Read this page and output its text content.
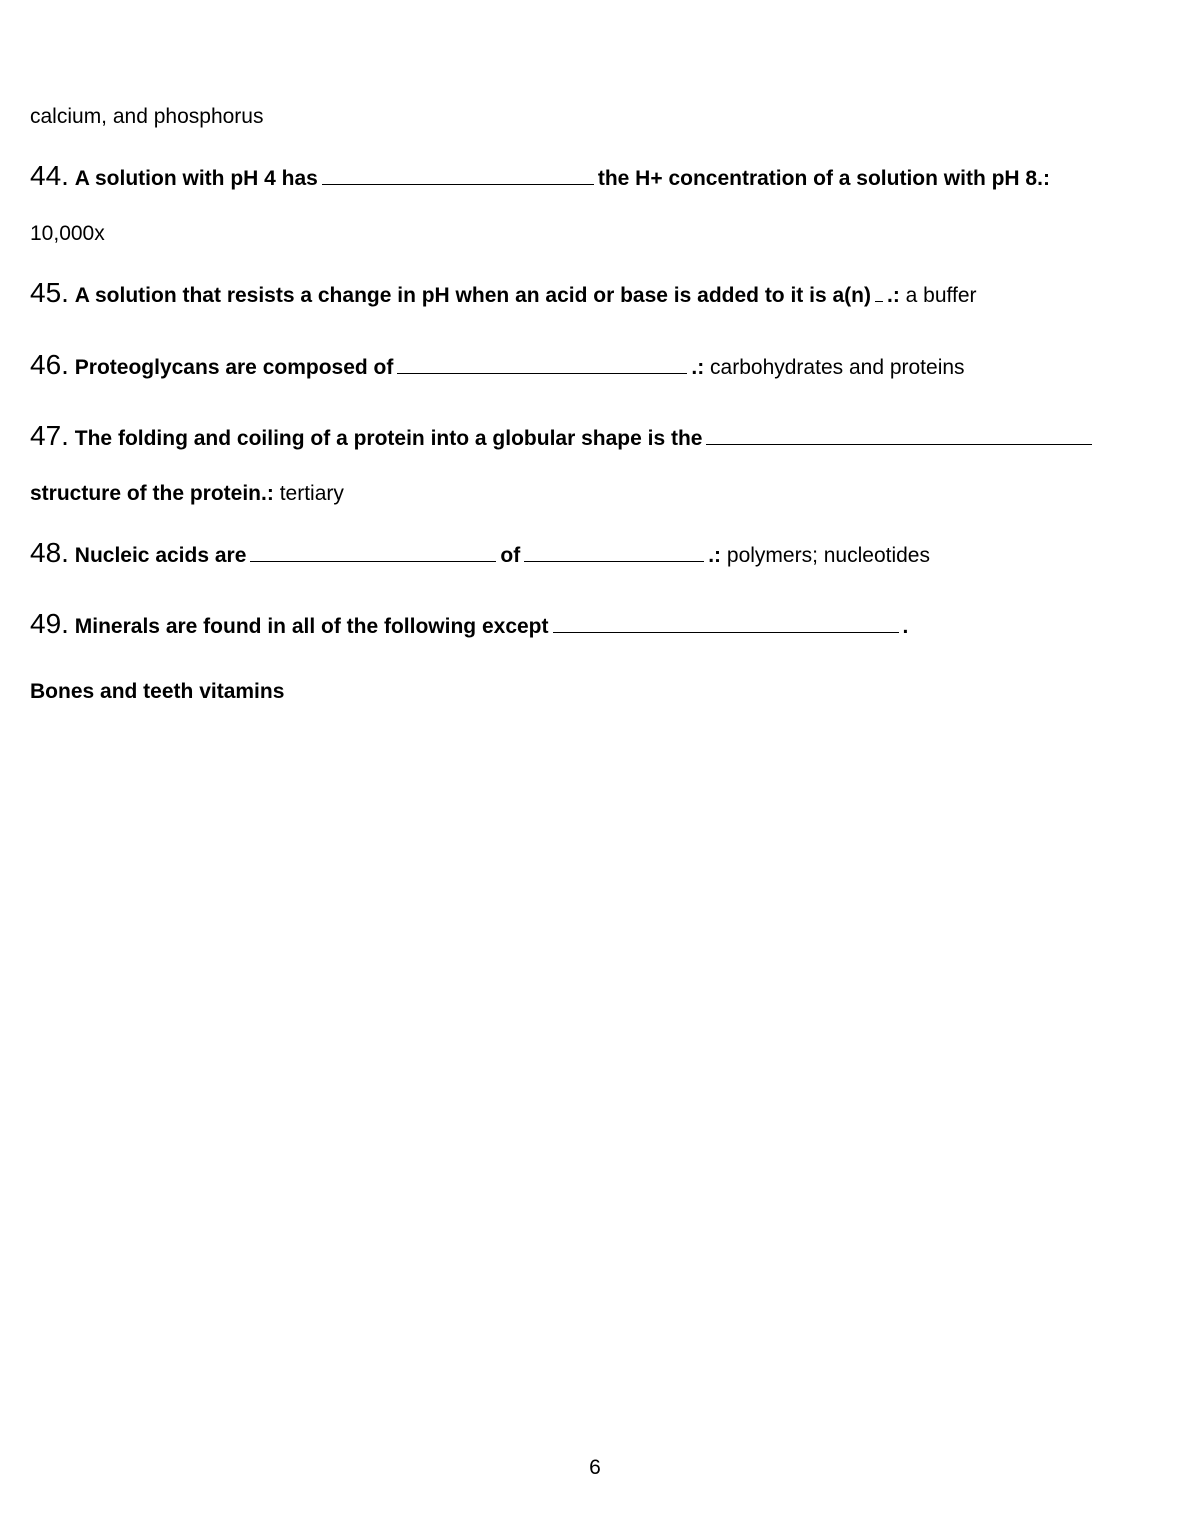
calcium, and phosphorus
44. A solution with pH 4 has	the H+ concentration of a solution with pH 8.:
10,000x
45. A solution that resists a change in pH when an acid or base is added to it is a(n) .: a buffer
46. Proteoglycans are composed of	.: carbohydrates and proteins
47. The folding and coiling of a protein into a globular shape is the
structure of the protein.: tertiary
48. Nucleic acids are	of	.: polymers; nucleotides
49. Minerals are found in all of the following except	.
Bones and teeth vitamins
6
